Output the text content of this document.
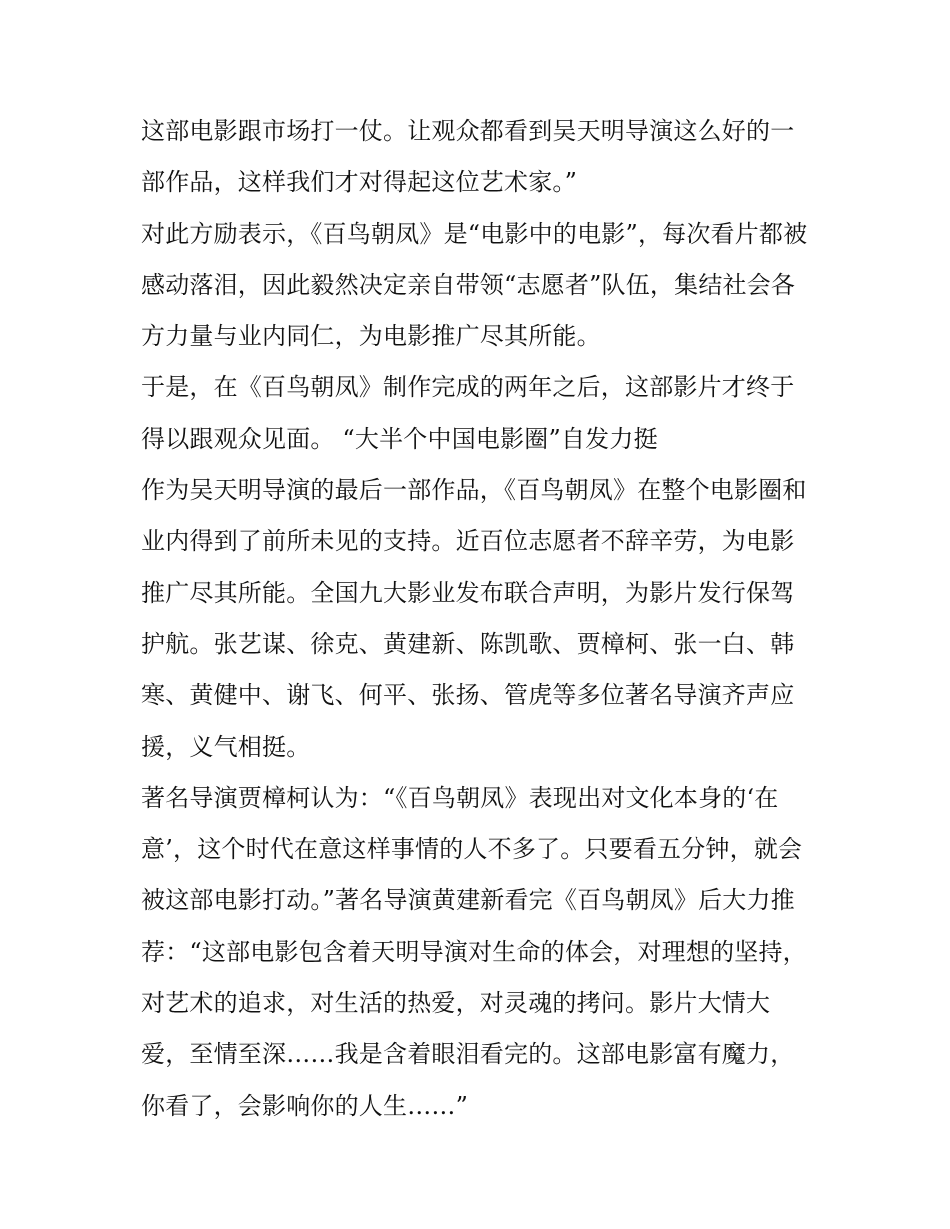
这部电影跟市场打一仗。让观众都看到吴天明导演这么好的一部作品，这样我们才对得起这位艺术家。”

对此方励表示，《百鸟朝凤》是“电影中的电影”，每次看片都被感动落泪，因此毅然决定亲自带领“志愿者”队伍，集结社会各方力量与业内同仁，为电影推广尽其所能。

于是，在《百鸟朝凤》制作完成的两年之后，这部影片才终于得以跟观众见面。 “大半个中国电影圈”自发力挺

作为吴天明导演的最后一部作品，《百鸟朝凤》在整个电影圈和业内得到了前所未见的支持。近百位志愿者不辞辛劳，为电影推广尽其所能。全国九大影业发布联合声明，为影片发行保驾护航。张艺谋、徐克、黄建新、陈凯歌、贾樟柯、张一白、韩寒、黄健中、谢飞、何平、张扬、管虎等多位著名导演齐声应援，义气相挺。

著名导演贾樟柯认为：“《百鸟朝凤》表现出对文化本身的‘在意’，这个时代在意这样事情的人不多了。只要看五分钟，就会被这部电影打动。”著名导演黄建新看完《百鸟朝凤》后大力推荐：“这部电影包含着天明导演对生命的体会，对理想的坚持，对艺术的追求，对生活的热爱，对灵魂的拷问。影片大情大爱，至情至深……我是含着眼泪看完的。这部电影富有魔力，你看了，会影响你的人生……”
